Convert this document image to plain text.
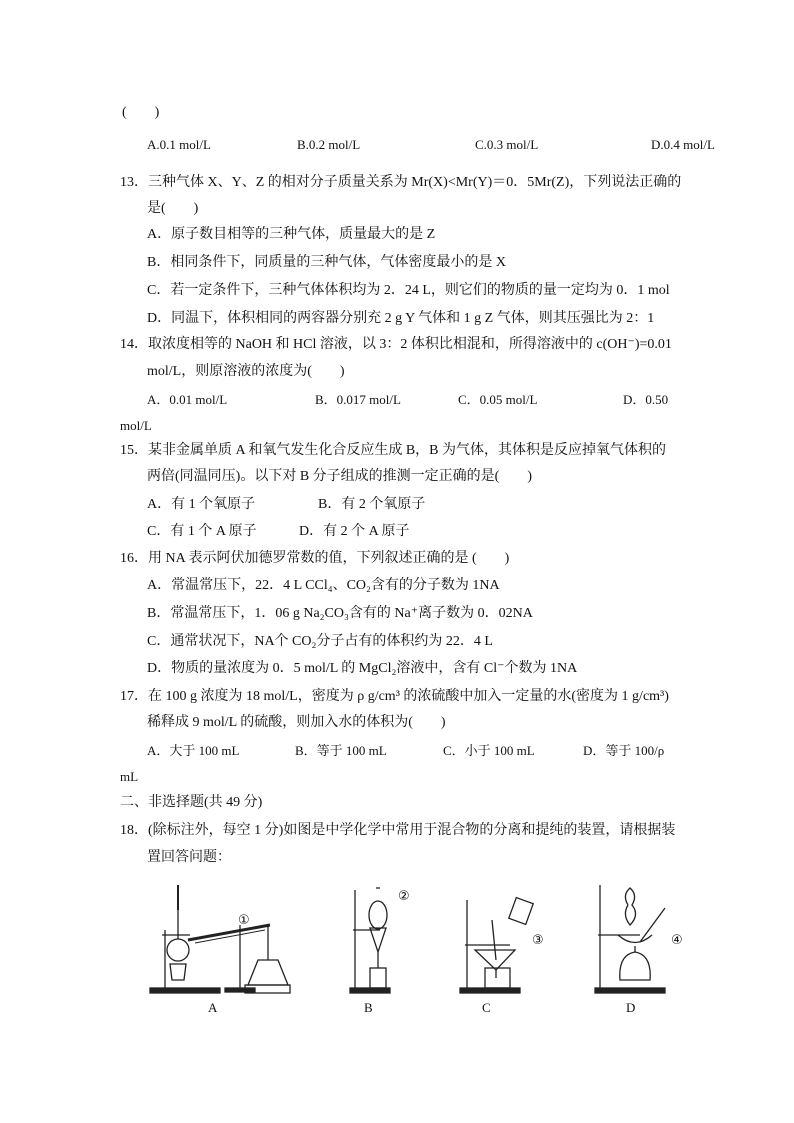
(　　)
A.0.1 mol/L	B.0.2 mol/L	C.0.3 mol/L	D.0.4 mol/L
13．三种气体 X、Y、Z 的相对分子质量关系为 Mr(X)<Mr(Y)＝0．5Mr(Z)，下列说法正确的
是(　　)
A．原子数目相等的三种气体，质量最大的是 Z
B．相同条件下，同质量的三种气体，气体密度最小的是 X
C．若一定条件下，三种气体体积均为 2．24 L，则它们的物质的量一定均为 0．1 mol
D．同温下，体积相同的两容器分别充 2 g Y 气体和 1 g Z 气体，则其压强比为 2：1
14．取浓度相等的 NaOH 和 HCl 溶液，以 3：2 体积比相混和，所得溶液中的 c(OH⁻)=0.01
mol/L，则原溶液的浓度为(　　)
A．0.01 mol/L	B．0.017 mol/L	C．0.05 mol/L	D．0.50
mol/L
15．某非金属单质 A 和氧气发生化合反应生成 B，B 为气体，其体积是反应掉氧气体积的
两倍(同温同压)。以下对 B 分子组成的推测一定正确的是(　　)
A．有 1 个氧原子	B．有 2 个氧原子
C．有 1 个 A 原子	D．有 2 个 A 原子
16．用 NA 表示阿伏加德罗常数的值，下列叙述正确的是 (　　)
A．常温常压下，22．4 L CCl₄、CO₂含有的分子数为 1NA
B．常温常压下，1．06 g Na₂CO₃含有的 Na⁺离子数为 0．02NA
C．通常状况下，NA个 CO₂分子占有的体积约为 22．4 L
D．物质的量浓度为 0．5 mol/L 的 MgCl₂溶液中，含有 Cl⁻个数为 1NA
17．在 100 g 浓度为 18 mol/L，密度为 ρ g/cm³ 的浓硫酸中加入一定量的水(密度为 1 g/cm³)
稀释成 9 mol/L 的硫酸，则加入水的体积为(　　)
A．大于 100 mL	B．等于 100 mL	C．小于 100 mL	D．等于 100/ρ
mL
二、非选择题(共 49 分)
18．(除标注外，每空 1 分)如图是中学化学中常用于混合物的分离和提纯的装置，请根据装
置回答问题：
①
②
③	④
A	B	C	D
